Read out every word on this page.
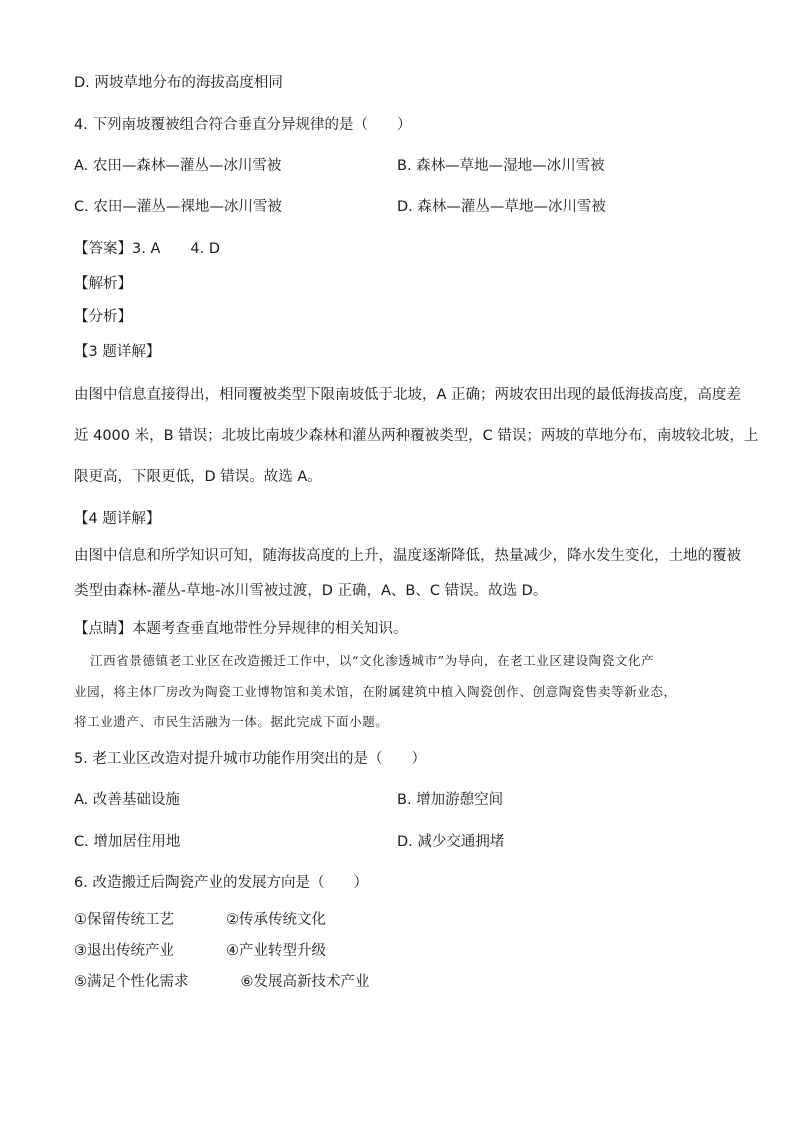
D. 两坡草地分布的海拔高度相同
4. 下列南坡覆被组合符合垂直分异规律的是（　　）
A. 农田—森林—灌丛—冰川雪被	B. 森林—草地—湿地—冰川雪被
C. 农田—灌丛—裸地—冰川雪被	D. 森林—灌丛—草地—冰川雪被
【答案】3. A 4. D
【解析】
【分析】
【3 题详解】
由图中信息直接得出，相同覆被类型下限南坡低于北坡，A 正确；两坡农田出现的最低海拔高度，高度差
近 4000 米，B 错误；北坡比南坡少森林和灌丛两种覆被类型，C 错误；两坡的草地分布，南坡较北坡，上
限更高，下限更低，D 错误。故选 A。
【4 题详解】
由图中信息和所学知识可知，随海拔高度的上升，温度逐渐降低，热量减少，降水发生变化，土地的覆被
类型由森林-灌丛-草地-冰川雪被过渡，D 正确，A、B、C 错误。故选 D。
【点睛】本题考查垂直地带性分异规律的相关知识。
江西省景德镇老工业区在改造搬迁工作中，以“文化渗透城市”为导向，在老工业区建设陶瓷文化产
业园，将主体厂房改为陶瓷工业博物馆和美术馆，在附属建筑中植入陶瓷创作、创意陶瓷售卖等新业态，
将工业遗产、市民生活融为一体。据此完成下面小题。
5. 老工业区改造对提升城市功能作用突出的是（　　）
A. 改善基础设施	B. 增加游憩空间
C. 增加居住用地	D. 减少交通拥堵
6. 改造搬迁后陶瓷产业的发展方向是（　　）
①保留传统工艺	②传承传统文化
③退出传统产业	④产业转型升级
⑤满足个性化需求	⑥发展高新技术产业
